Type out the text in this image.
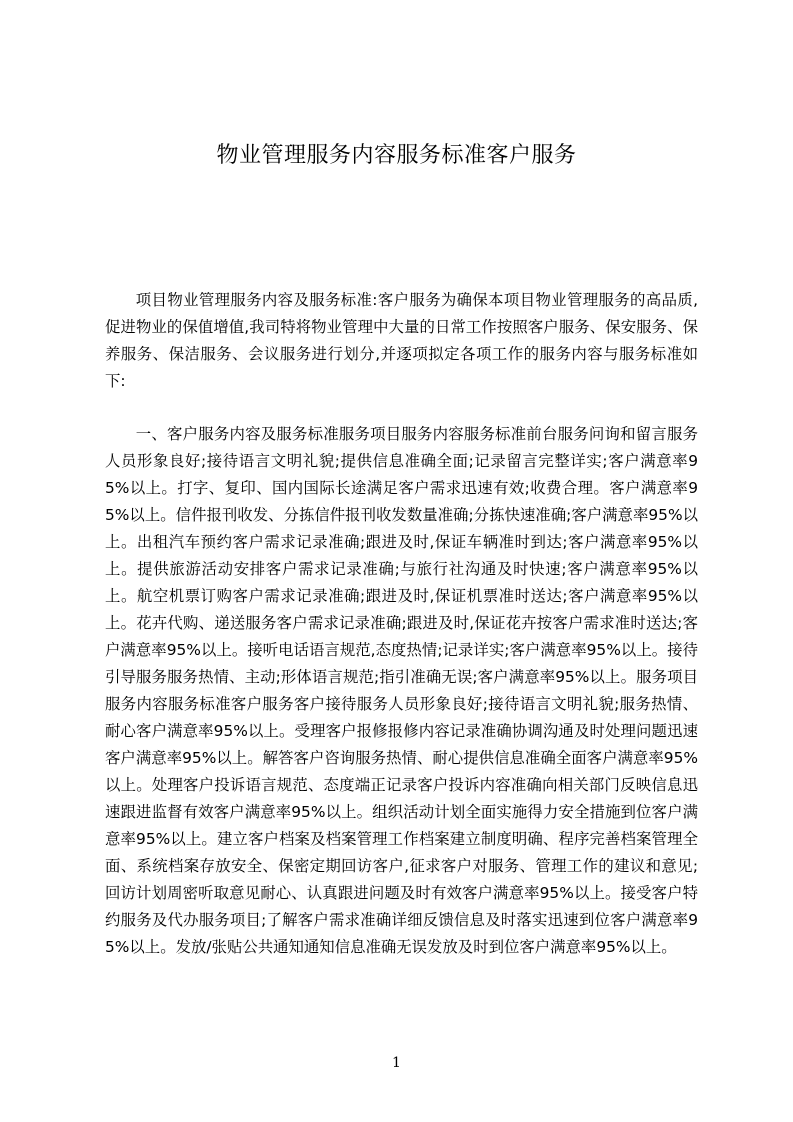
物业管理服务内容服务标准客户服务

项目物业管理服务内容及服务标准:客户服务为确保本项目物业管理服务的高品质,促进物业的保值增值,我司特将物业管理中大量的日常工作按照客户服务、保安服务、保养服务、保洁服务、会议服务进行划分,并逐项拟定各项工作的服务内容与服务标准如下:

一、客户服务内容及服务标准服务项目服务内容服务标准前台服务问询和留言服务人员形象良好;接待语言文明礼貌;提供信息准确全面;记录留言完整详实;客户满意率95%以上。打字、复印、国内国际长途满足客户需求迅速有效;收费合理。客户满意率95%以上。信件报刊收发、分拣信件报刊收发数量准确;分拣快速准确;客户满意率95%以上。出租汽车预约客户需求记录准确;跟进及时,保证车辆准时到达;客户满意率95%以上。提供旅游活动安排客户需求记录准确;与旅行社沟通及时快速;客户满意率95%以上。航空机票订购客户需求记录准确;跟进及时,保证机票准时送达;客户满意率95%以上。花卉代购、递送服务客户需求记录准确;跟进及时,保证花卉按客户需求准时送达;客户满意率95%以上。接听电话语言规范,态度热情;记录详实;客户满意率95%以上。接待引导服务服务热情、主动;形体语言规范;指引准确无误;客户满意率95%以上。服务项目服务内容服务标准客户服务客户接待服务人员形象良好;接待语言文明礼貌;服务热情、耐心客户满意率95%以上。受理客户报修报修内容记录准确协调沟通及时处理问题迅速客户满意率95%以上。解答客户咨询服务热情、耐心提供信息准确全面客户满意率95%以上。处理客户投诉语言规范、态度端正记录客户投诉内容准确向相关部门反映信息迅速跟进监督有效客户满意率95%以上。组织活动计划全面实施得力安全措施到位客户满意率95%以上。建立客户档案及档案管理工作档案建立制度明确、程序完善档案管理全面、系统档案存放安全、保密定期回访客户,征求客户对服务、管理工作的建议和意见;回访计划周密听取意见耐心、认真跟进问题及时有效客户满意率95%以上。接受客户特约服务及代办服务项目;了解客户需求准确详细反馈信息及时落实迅速到位客户满意率95%以上。发放/张贴公共通知通知信息准确无误发放及时到位客户满意率95%以上。

1
